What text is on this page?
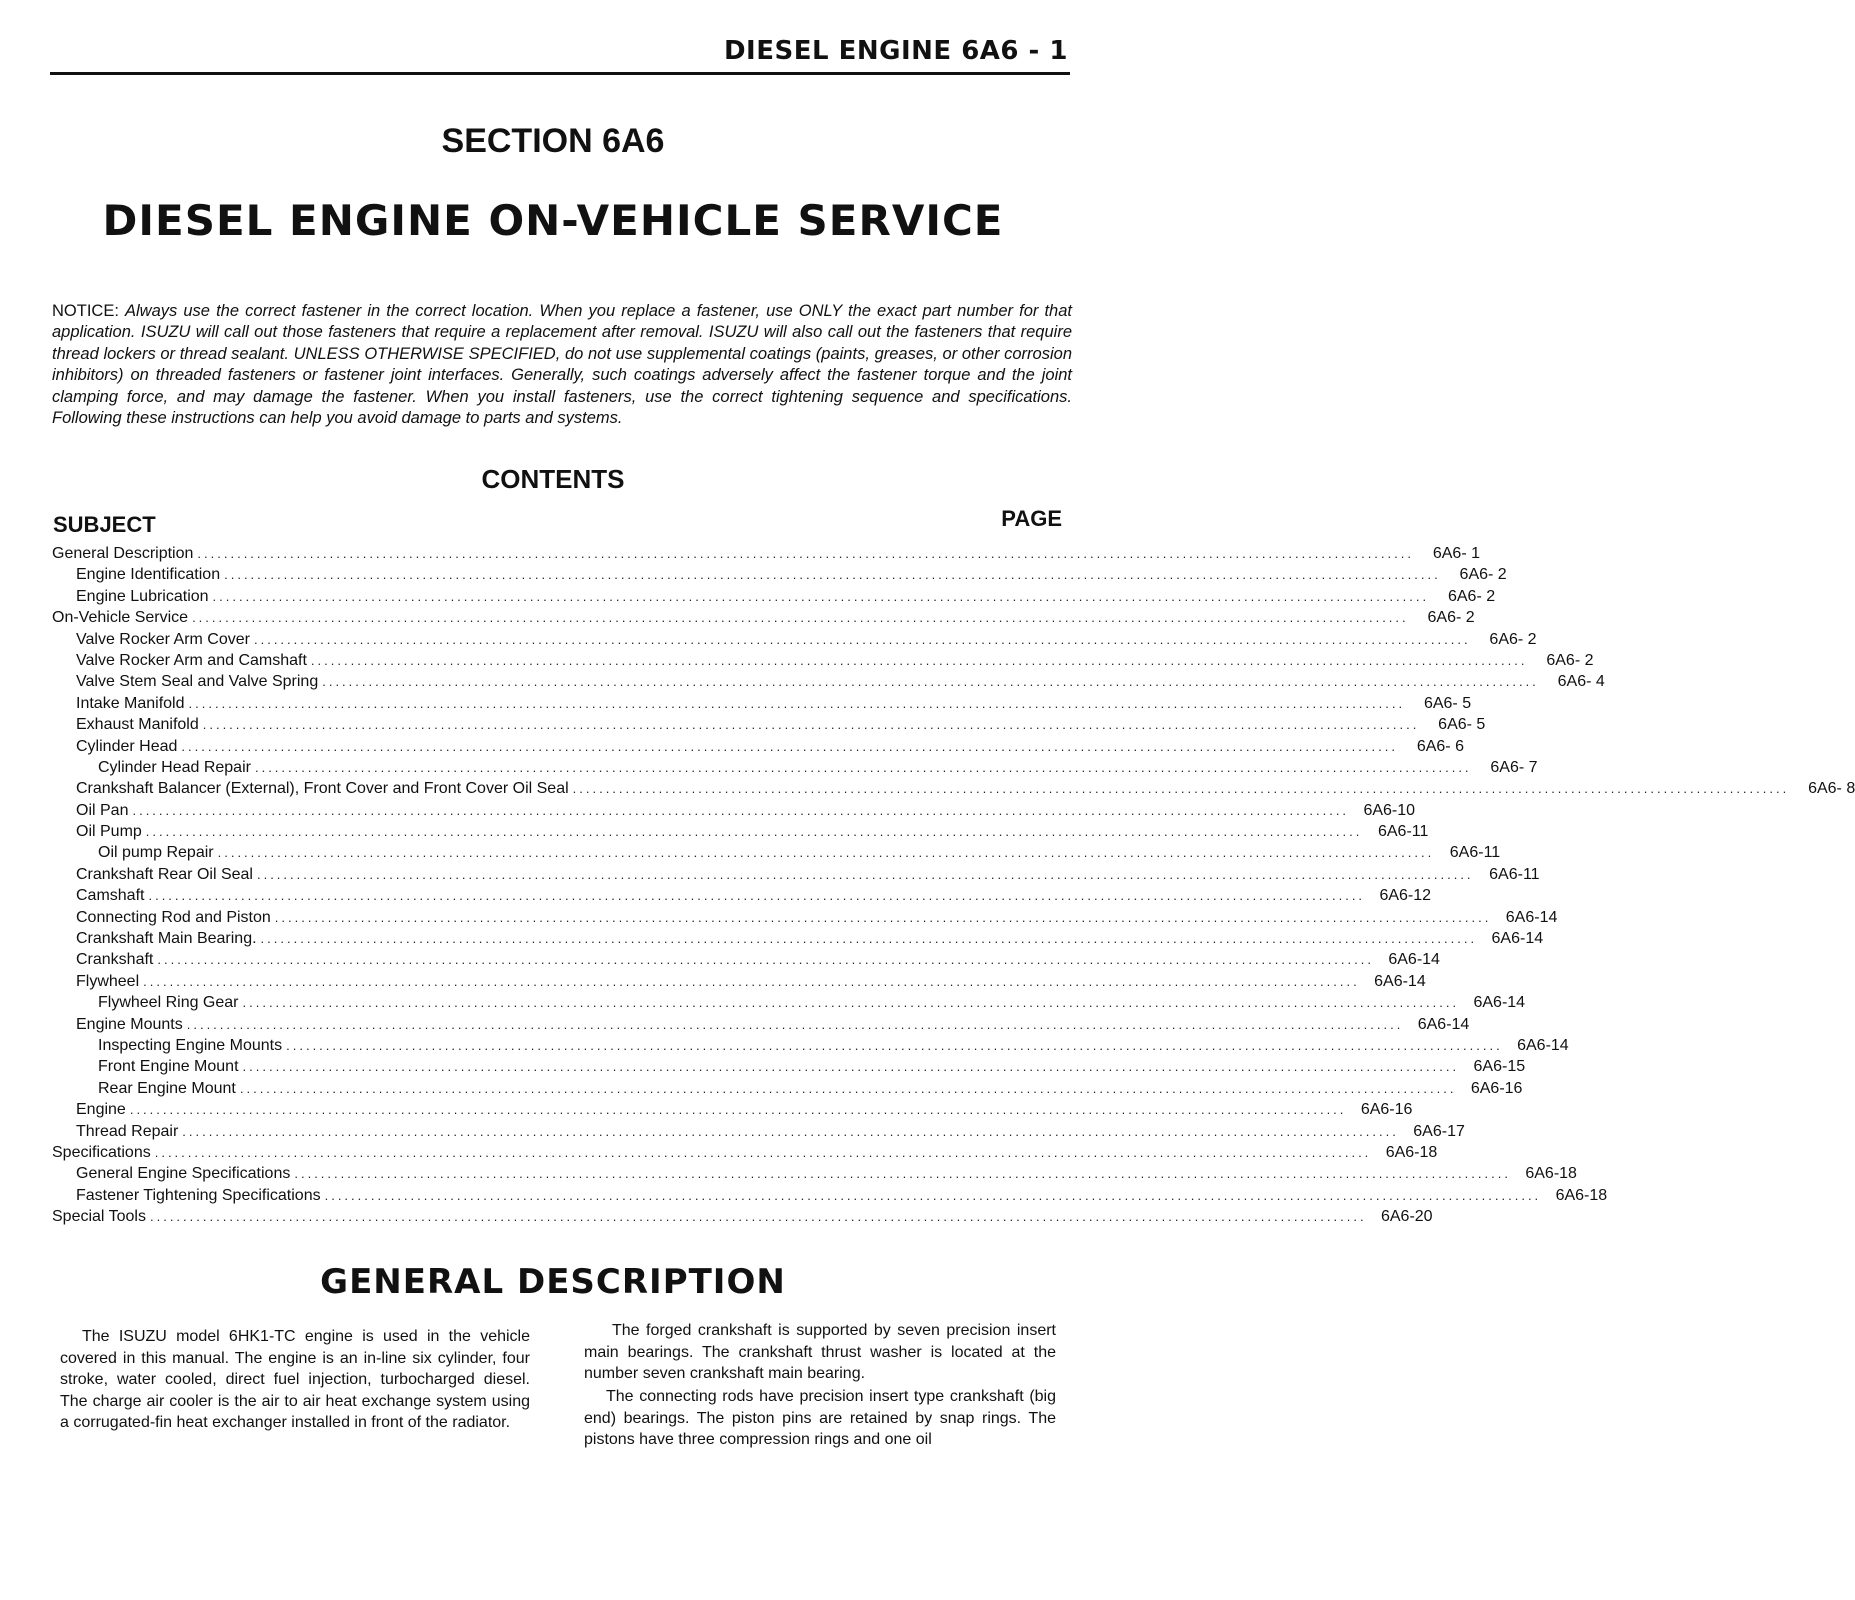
DIESEL ENGINE 6A6 - 1
SECTION 6A6
DIESEL ENGINE ON-VEHICLE SERVICE

NOTICE: Always use the correct fastener in the correct location. When you replace a fastener, use ONLY the exact part number for that application. ISUZU will call out those fasteners that require a replacement after removal. ISUZU will also call out the fasteners that require thread lockers or thread sealant. UNLESS OTHERWISE SPECIFIED, do not use supplemental coatings (paints, greases, or other corrosion inhibitors) on threaded fasteners or fastener joint interfaces. Generally, such coatings adversely affect the fastener torque and the joint clamping force, and may damage the fastener. When you install fasteners, use the correct tightening sequence and specifications. Following these instructions can help you avoid damage to parts and systems.

CONTENTS
SUBJECT	PAGE
General Description ........................................................................................................................................................................................	6A6- 1
Engine Identification ........................................................................................................................................................................................	6A6- 2
Engine Lubrication ........................................................................................................................................................................................	6A6- 2
On-Vehicle Service ........................................................................................................................................................................................	6A6- 2
Valve Rocker Arm Cover ........................................................................................................................................................................................	6A6- 2
Valve Rocker Arm and Camshaft ........................................................................................................................................................................................	6A6- 2
Valve Stem Seal and Valve Spring ........................................................................................................................................................................................	6A6- 4
Intake Manifold ........................................................................................................................................................................................	6A6- 5
Exhaust Manifold ........................................................................................................................................................................................	6A6- 5
Cylinder Head ........................................................................................................................................................................................	6A6- 6
Cylinder Head Repair ........................................................................................................................................................................................	6A6- 7
Crankshaft Balancer (External), Front Cover and Front Cover Oil Seal ........................................................................................................................................................................................	6A6- 8
Oil Pan ........................................................................................................................................................................................ 6A6-10
Oil Pump ........................................................................................................................................................................................ 6A6-11
Oil pump Repair ........................................................................................................................................................................................ 6A6-11
Crankshaft Rear Oil Seal ........................................................................................................................................................................................ 6A6-11
Camshaft ........................................................................................................................................................................................ 6A6-12
Connecting Rod and Piston ........................................................................................................................................................................................ 6A6-14
Crankshaft Main Bearing. ........................................................................................................................................................................................ 6A6-14
Crankshaft ........................................................................................................................................................................................ 6A6-14
Flywheel ........................................................................................................................................................................................ 6A6-14
Flywheel Ring Gear ........................................................................................................................................................................................ 6A6-14
Engine Mounts ........................................................................................................................................................................................ 6A6-14
Inspecting Engine Mounts ........................................................................................................................................................................................ 6A6-14
Front Engine Mount ........................................................................................................................................................................................ 6A6-15
Rear Engine Mount ........................................................................................................................................................................................ 6A6-16
Engine ........................................................................................................................................................................................ 6A6-16
Thread Repair ........................................................................................................................................................................................ 6A6-17
Specifications ........................................................................................................................................................................................ 6A6-18
General Engine Specifications ........................................................................................................................................................................................ 6A6-18
Fastener Tightening Specifications ........................................................................................................................................................................................ 6A6-18
Special Tools ........................................................................................................................................................................................ 6A6-20
GENERAL DESCRIPTION

The ISUZU model 6HK1-TC engine is used in the vehicle covered in this manual. The engine is an in-line six cylinder, four stroke, water cooled, direct fuel injection, turbocharged diesel. The charge air cooler is the air to air heat exchange system using a corrugated-fin heat exchanger installed in front of the radiator.

The forged crankshaft is supported by seven precision insert main bearings. The crankshaft thrust washer is located at the number seven crankshaft main bearing.

The connecting rods have precision insert type crankshaft (big end) bearings. The piston pins are retained by snap rings. The pistons have three compression rings and one oil
